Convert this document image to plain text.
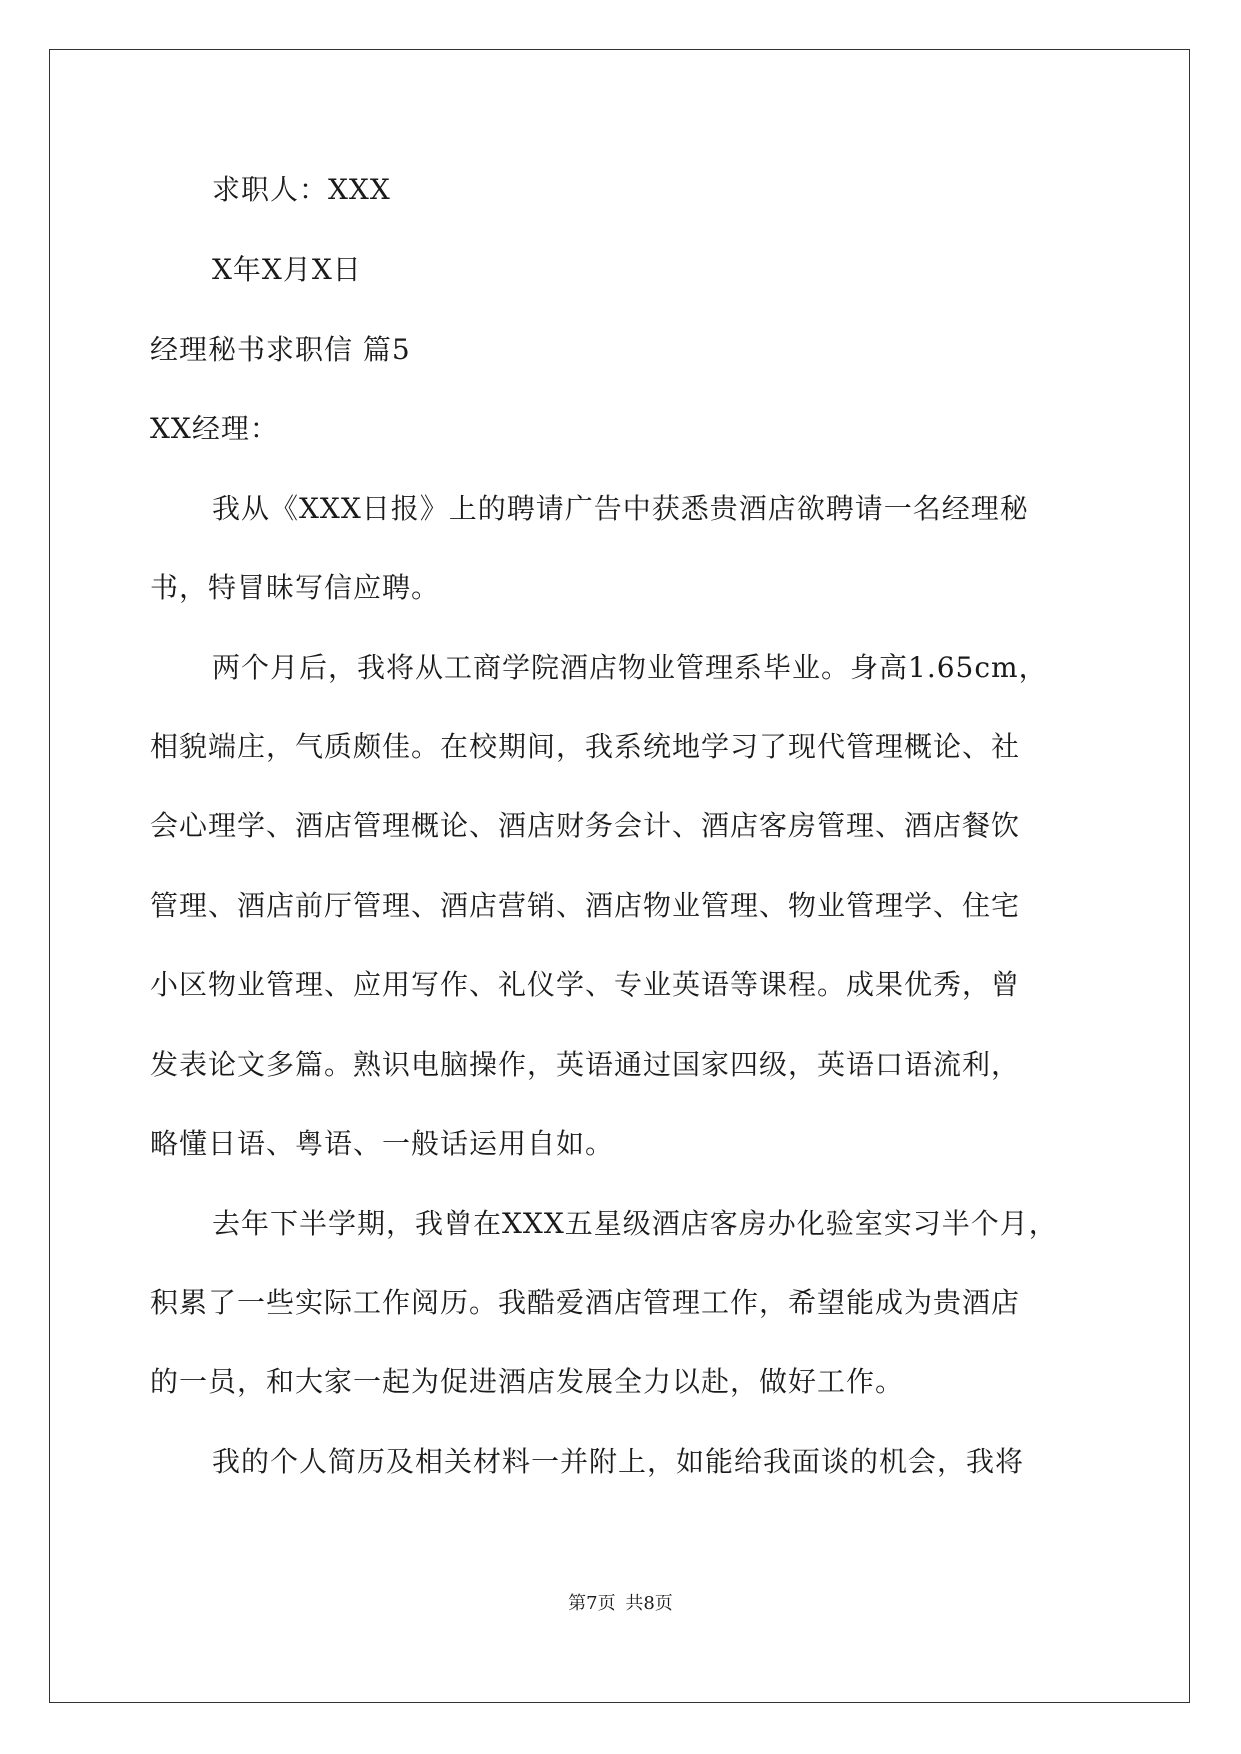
求职人：XXX
X年X月X日
经理秘书求职信 篇5
XX经理：
我从《XXX日报》上的聘请广告中获悉贵酒店欲聘请一名经理秘
书，特冒昧写信应聘。
两个月后，我将从工商学院酒店物业管理系毕业。身高1.65cm，
相貌端庄，气质颇佳。在校期间，我系统地学习了现代管理概论、社
会心理学、酒店管理概论、酒店财务会计、酒店客房管理、酒店餐饮
管理、酒店前厅管理、酒店营销、酒店物业管理、物业管理学、住宅
小区物业管理、应用写作、礼仪学、专业英语等课程。成果优秀，曾
发表论文多篇。熟识电脑操作，英语通过国家四级，英语口语流利，
略懂日语、粤语、一般话运用自如。
去年下半学期，我曾在XXX五星级酒店客房办化验室实习半个月，
积累了一些实际工作阅历。我酷爱酒店管理工作，希望能成为贵酒店
的一员，和大家一起为促进酒店发展全力以赴，做好工作。
我的个人简历及相关材料一并附上，如能给我面谈的机会，我将
第7页 共8页
